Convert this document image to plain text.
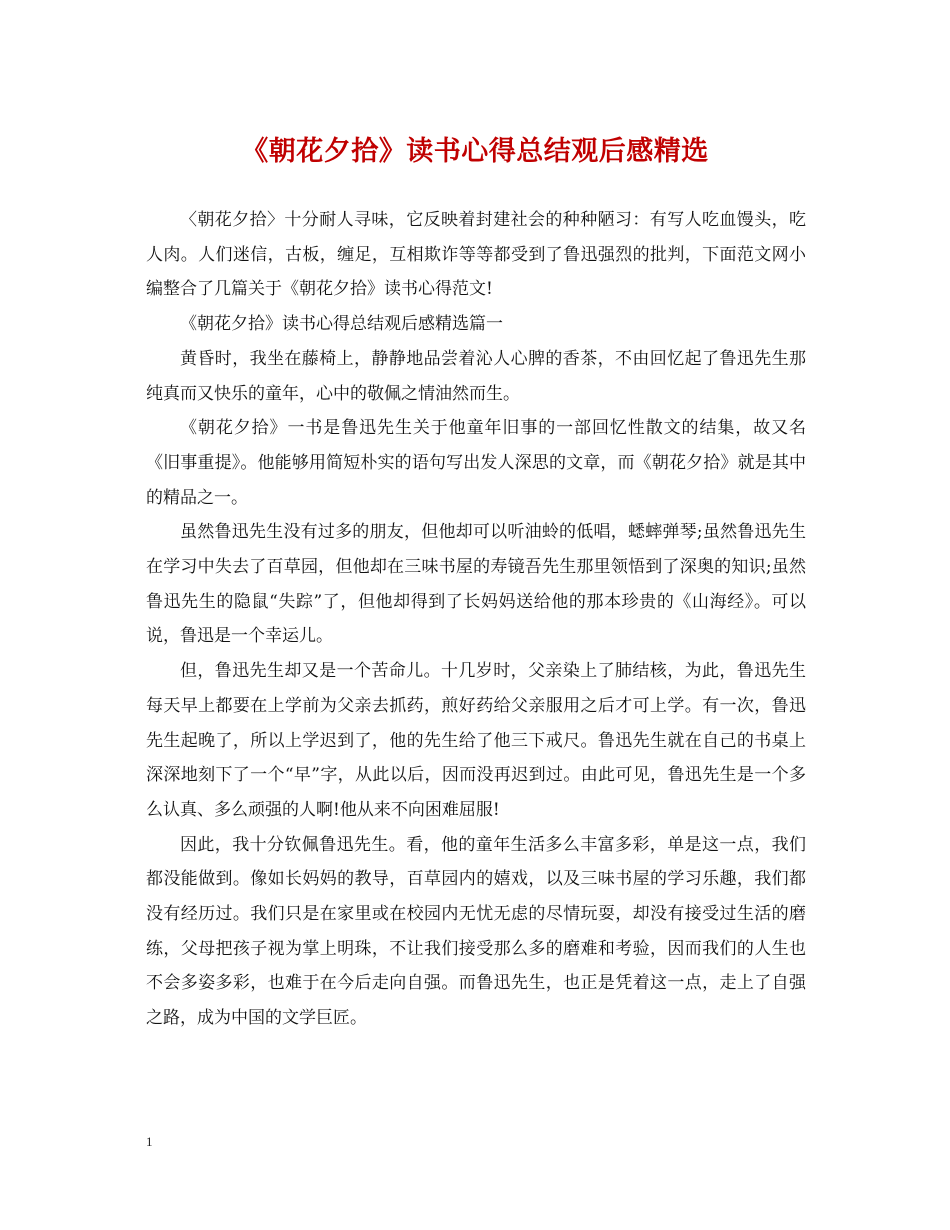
《朝花夕拾》读书心得总结观后感精选

〈朝花夕拾〉十分耐人寻味，它反映着封建社会的种种陋习：有写人吃血馒头，吃人肉。人们迷信，古板，缠足，互相欺诈等等都受到了鲁迅强烈的批判，下面范文网小编整合了几篇关于《朝花夕拾》读书心得范文!

《朝花夕拾》读书心得总结观后感精选篇一

黄昏时，我坐在藤椅上，静静地品尝着沁人心脾的香茶，不由回忆起了鲁迅先生那纯真而又快乐的童年，心中的敬佩之情油然而生。

《朝花夕拾》一书是鲁迅先生关于他童年旧事的一部回忆性散文的结集，故又名《旧事重提》。他能够用简短朴实的语句写出发人深思的文章，而《朝花夕拾》就是其中的精品之一。

虽然鲁迅先生没有过多的朋友，但他却可以听油蛉的低唱，蟋蟀弹琴;虽然鲁迅先生在学习中失去了百草园，但他却在三味书屋的寿镜吾先生那里领悟到了深奥的知识;虽然鲁迅先生的隐鼠“失踪”了，但他却得到了长妈妈送给他的那本珍贵的《山海经》。可以说，鲁迅是一个幸运儿。

但，鲁迅先生却又是一个苦命儿。十几岁时，父亲染上了肺结核，为此，鲁迅先生每天早上都要在上学前为父亲去抓药，煎好药给父亲服用之后才可上学。有一次，鲁迅先生起晚了，所以上学迟到了，他的先生给了他三下戒尺。鲁迅先生就在自己的书桌上深深地刻下了一个“早”字，从此以后，因而没再迟到过。由此可见，鲁迅先生是一个多么认真、多么顽强的人啊!他从来不向困难屈服!

因此，我十分钦佩鲁迅先生。看，他的童年生活多么丰富多彩，单是这一点，我们都没能做到。像如长妈妈的教导，百草园内的嬉戏，以及三味书屋的学习乐趣，我们都没有经历过。我们只是在家里或在校园内无忧无虑的尽情玩耍，却没有接受过生活的磨练，父母把孩子视为掌上明珠，不让我们接受那么多的磨难和考验，因而我们的人生也不会多姿多彩，也难于在今后走向自强。而鲁迅先生，也正是凭着这一点，走上了自强之路，成为中国的文学巨匠。

1
